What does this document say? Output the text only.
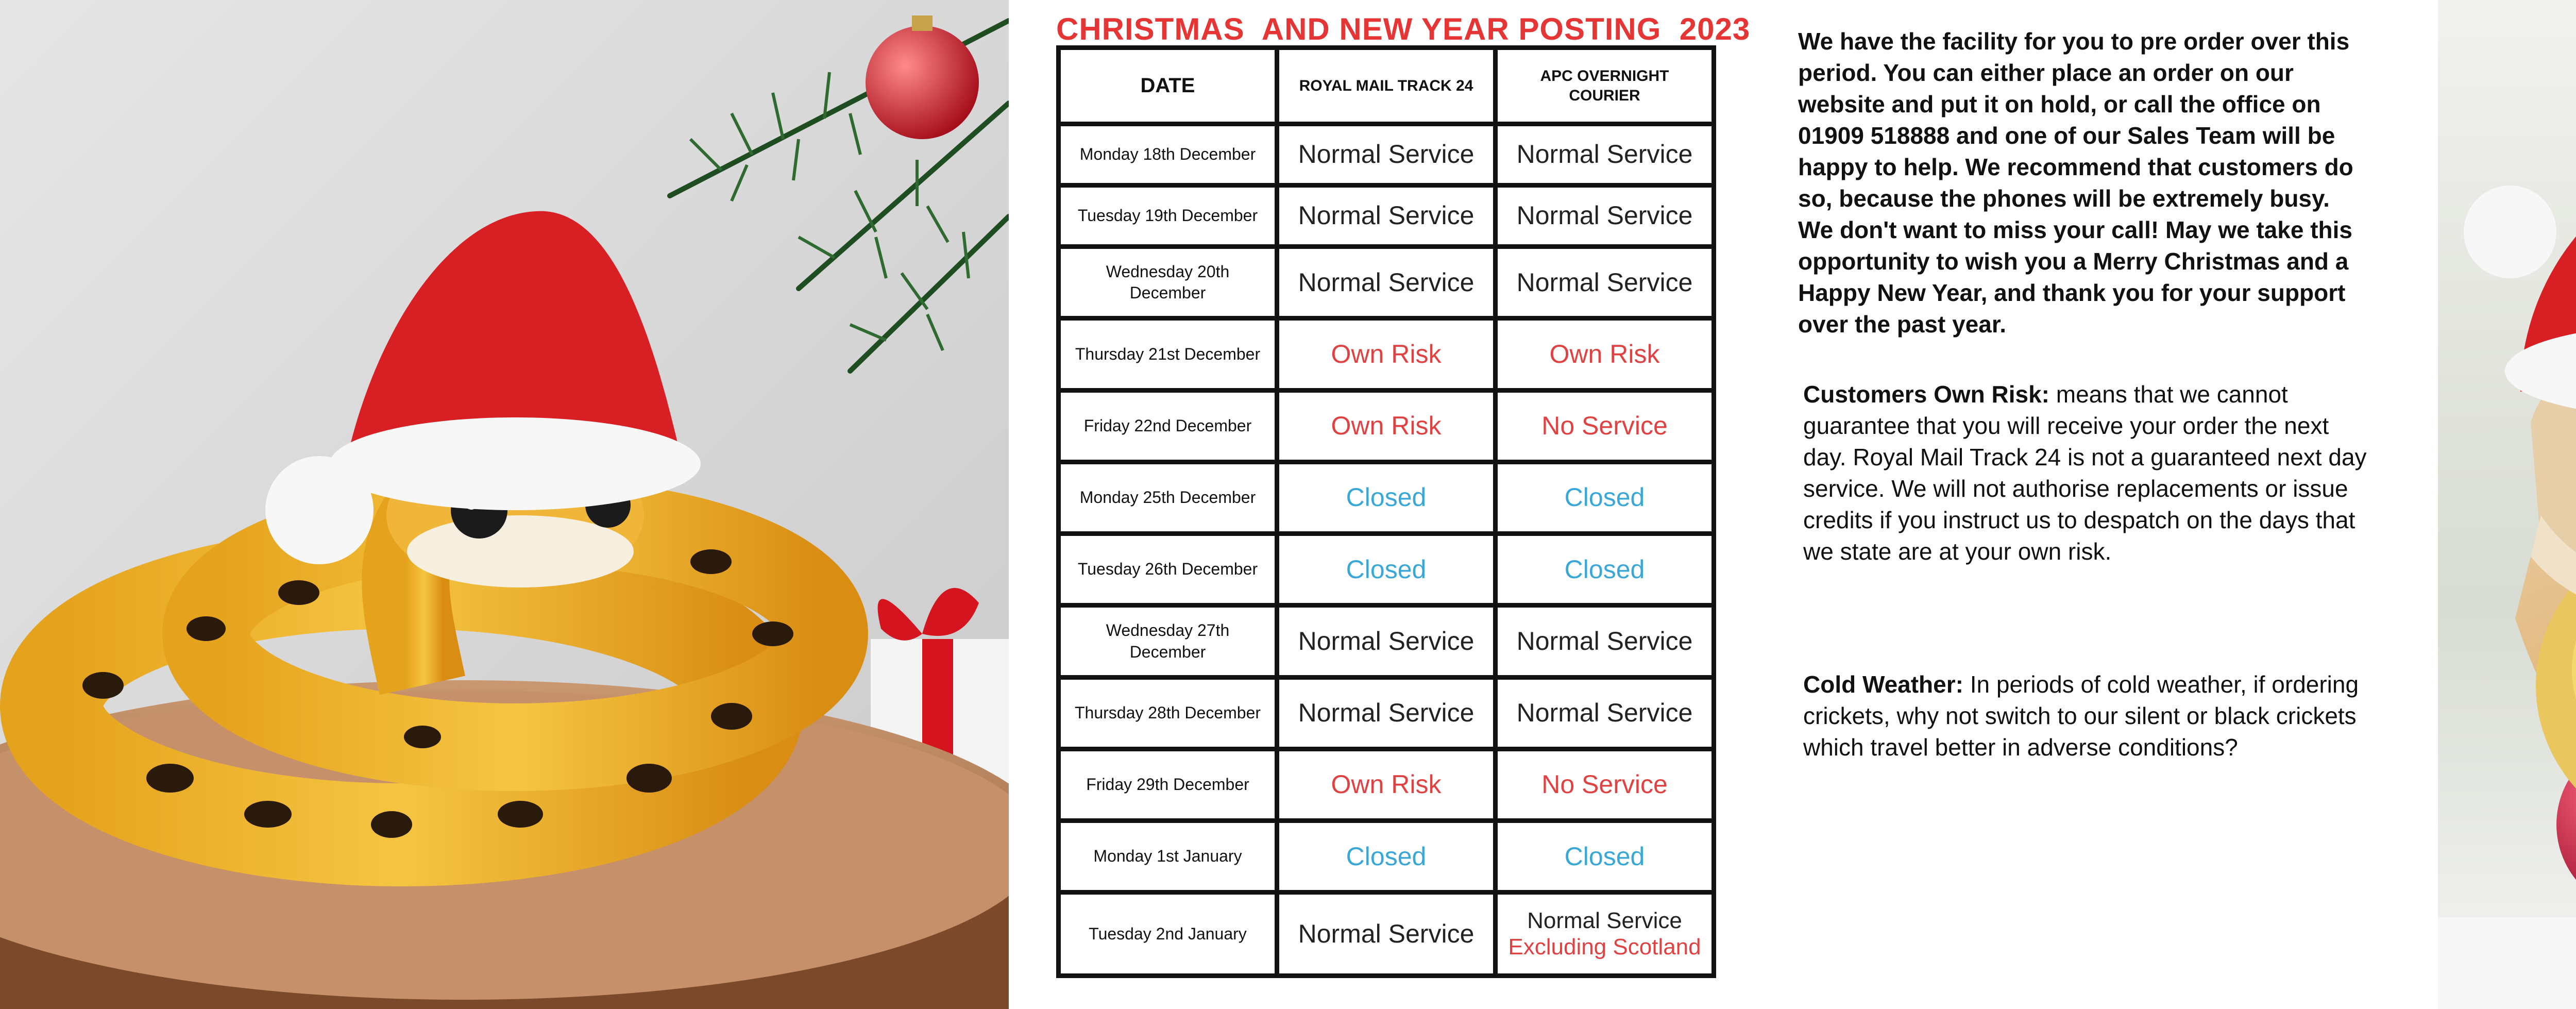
CHRISTMAS  AND NEW YEAR POSTING  2023
DATE	ROYAL MAIL TRACK 24	APC OVERNIGHT COURIER
Monday 18th December	Normal Service	Normal Service
Tuesday 19th December	Normal Service	Normal Service
Wednesday 20th December	Normal Service	Normal Service
Thursday 21st December	Own Risk	Own Risk
Friday 22nd December	Own Risk	No Service
Monday 25th December	Closed	Closed
Tuesday 26th December	Closed	Closed
Wednesday 27th December	Normal Service	Normal Service
Thursday 28th December	Normal Service	Normal Service
Friday 29th December	Own Risk	No Service
Monday 1st January	Closed	Closed
Tuesday 2nd January	Normal Service	Normal Service
Excluding Scotland
We have the facility for you to pre order over this period. You can either place an order on our website and put it on hold, or call the office on 01909 518888 and one of our Sales Team will be happy to help. We recommend that customers do so, because the phones will be extremely busy. We don't want to miss your call! May we take this opportunity to wish you a Merry Christmas and a Happy New Year, and thank you for your support over the past year.
Customers Own Risk: means that we cannot guarantee that you will receive your order the next day. Royal Mail Track 24 is not a guaranteed next day service. We will not authorise replacements or issue credits if you instruct us to despatch on the days that we state are at your own risk.
Cold Weather: In periods of cold weather, if ordering crickets, why not switch to our silent or black crickets which travel better in adverse conditions?
